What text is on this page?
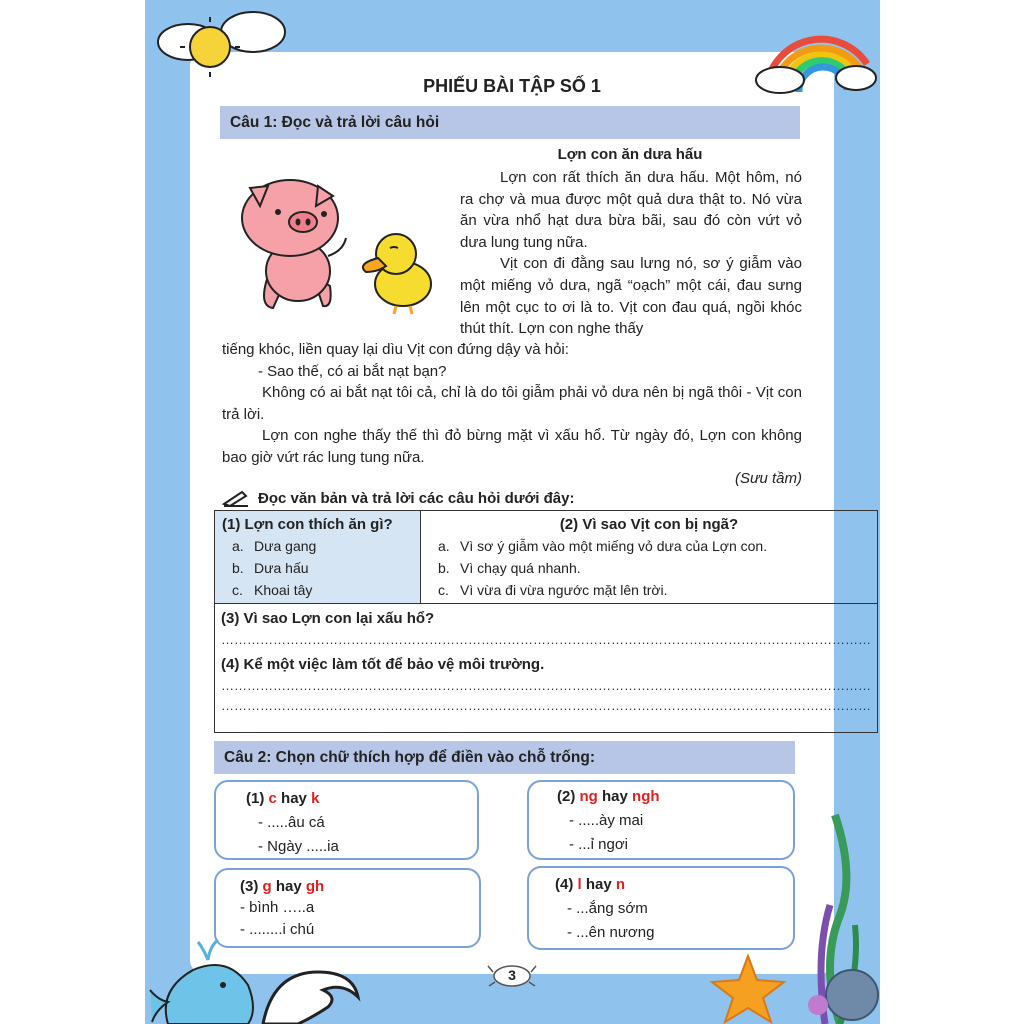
PHIẾU BÀI TẬP SỐ 1
Câu 1: Đọc và trả lời câu hỏi
Lợn con ăn dưa hấu

Lợn con rất thích ăn dưa hấu. Một hôm, nó ra chợ và mua được một quả dưa thật to. Nó vừa ăn vừa nhổ hạt dưa bừa bãi, sau đó còn vứt vỏ dưa lung tung nữa.

Vịt con đi đằng sau lưng nó, sơ ý giẫm vào một miếng vỏ dưa, ngã “oạch” một cái, đau sưng lên một cục to ơi là to. Vịt con đau quá, ngồi khóc thút thít. Lợn con nghe thấy

tiếng khóc, liền quay lại dìu Vịt con đứng dậy và hỏi:

- Sao thế, có ai bắt nạt bạn?

Không có ai bắt nạt tôi cả, chỉ là do tôi giẫm phải vỏ dưa nên bị ngã thôi - Vịt con trả lời.

Lợn con nghe thấy thế thì đỏ bừng mặt vì xấu hổ. Từ ngày đó, Lợn con không bao giờ vứt rác lung tung nữa.

(Sưu tầm)
Đọc văn bản và trả lời các câu hỏi dưới đây:
(1) Lợn con thích ăn gì?
a. Dưa gang
b. Dưa hấu
c. Khoai tây

(2) Vì sao Vịt con bị ngã?
a. Vì sơ ý giẫm vào một miếng vỏ dưa của Lợn con.
b. Vì chạy quá nhanh.
c. Vì vừa đi vừa ngước mặt lên trời.

(3) Vì sao Lợn con lại xấu hổ?
……………………………………………………………………………………………………………………………………
(4) Kể một việc làm tốt để bảo vệ môi trường.
……………………………………………………………………………………………………………………………………
……………………………………………………………………………………………………………………………………
Câu 2: Chọn chữ thích hợp để điền vào chỗ trống:
(1) c hay k
- .....âu cá
- Ngày .....ia
(2) ng hay ngh
- .....ày mai
- ...ỉ ngơi
(3) g hay gh
- bình …..a
- ........i chú
(4) l hay n
- ...ắng sớm
- ...ên nương
3
